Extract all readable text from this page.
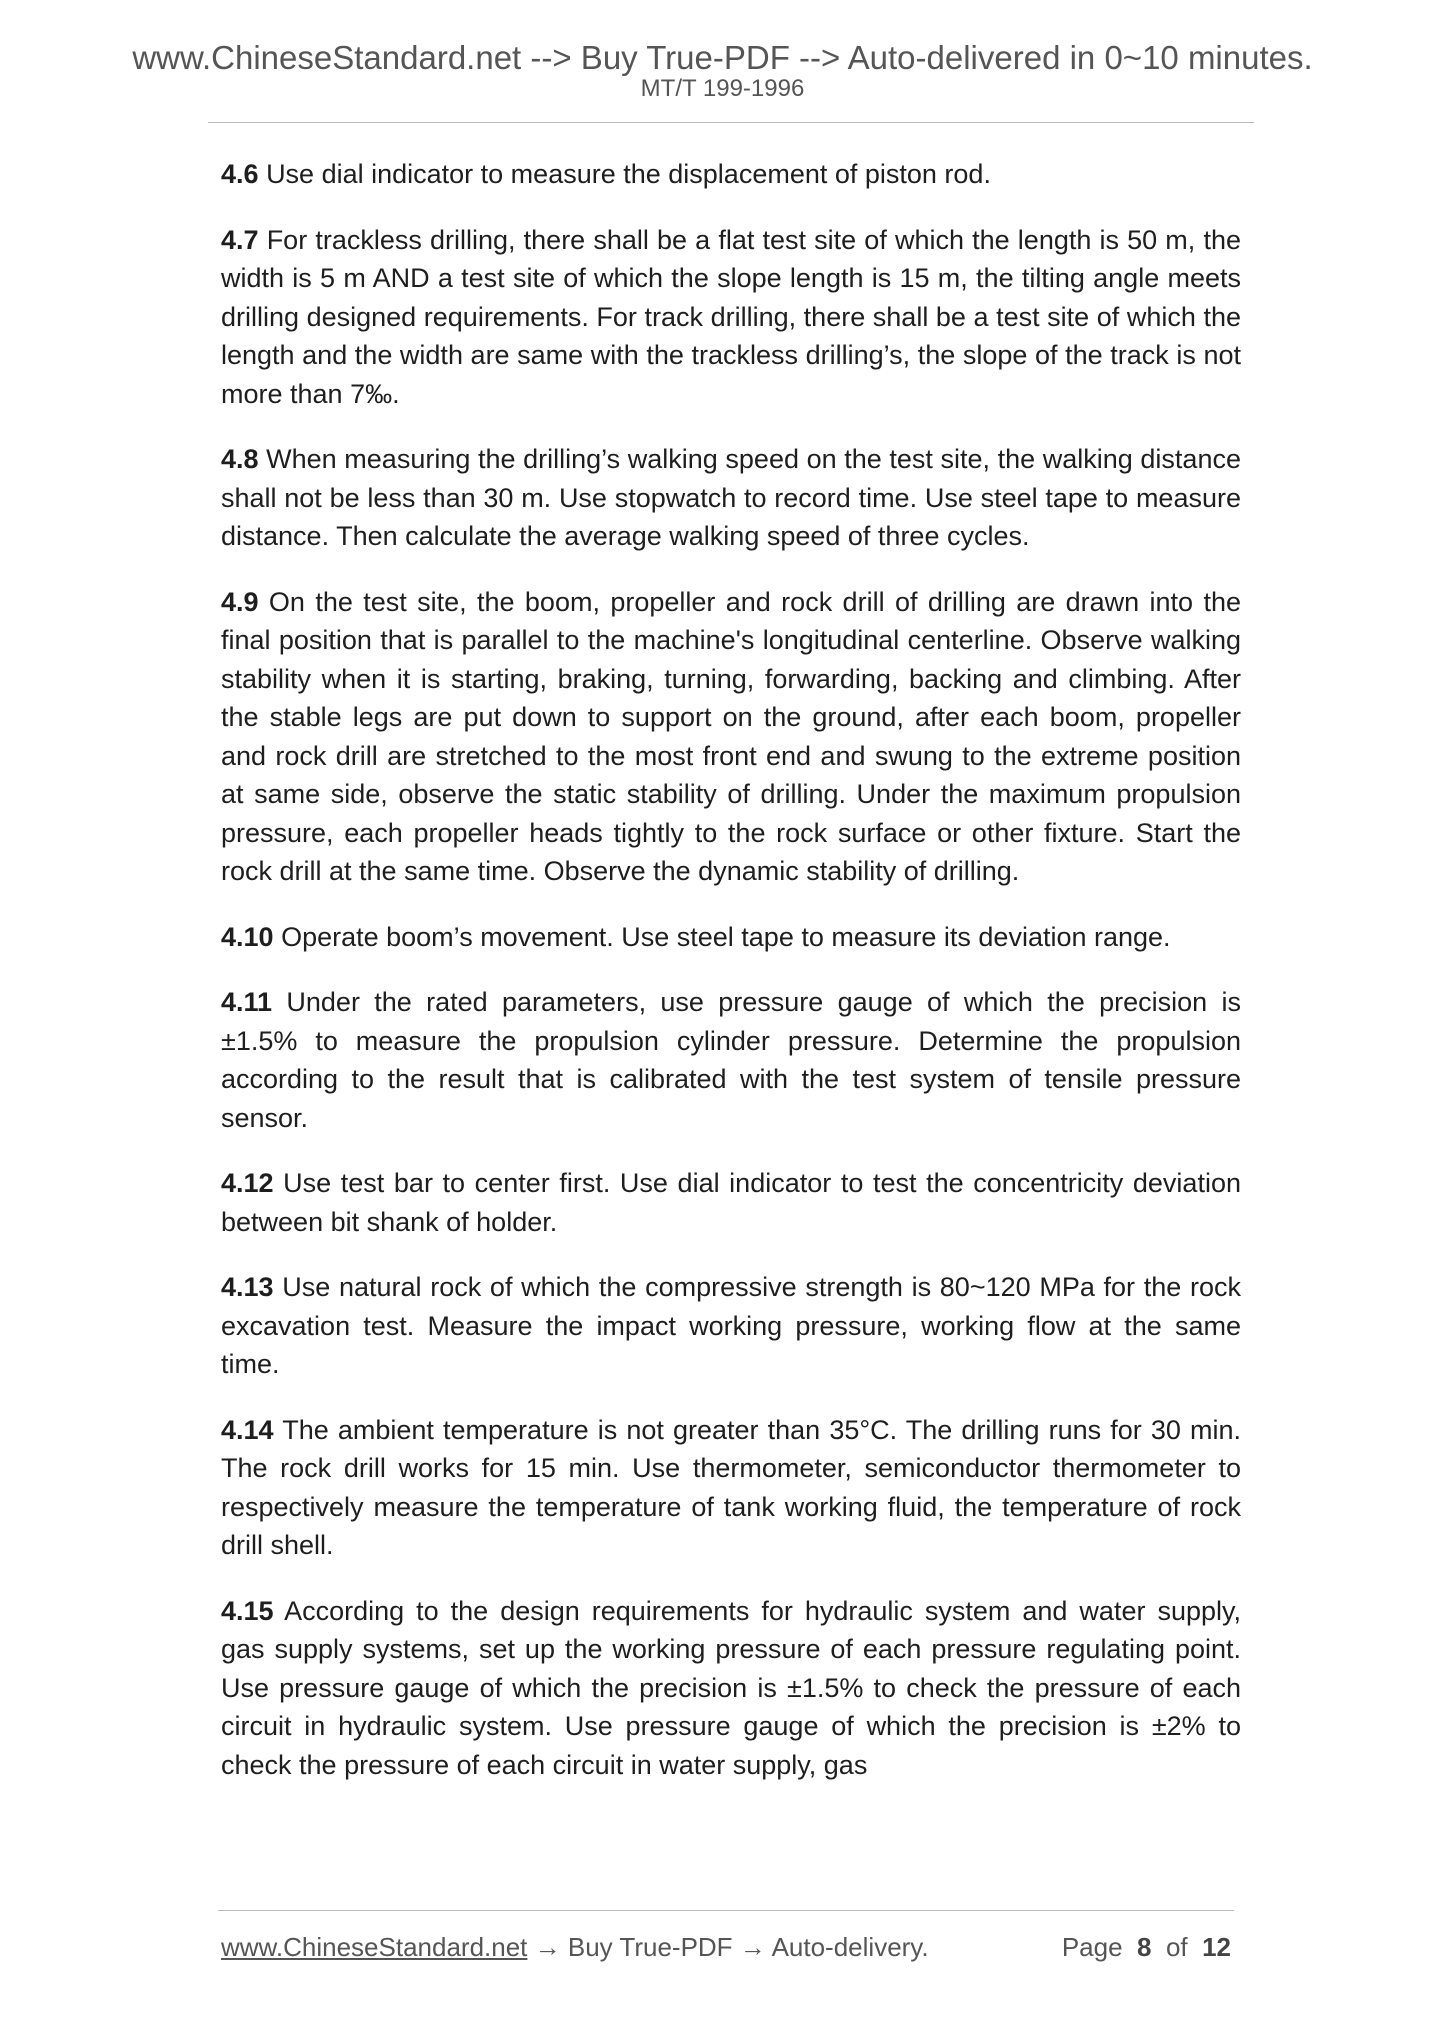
www.ChineseStandard.net --> Buy True-PDF --> Auto-delivered in 0~10 minutes.
MT/T 199-1996

4.6 Use dial indicator to measure the displacement of piston rod.

4.7 For trackless drilling, there shall be a flat test site of which the length is 50 m, the width is 5 m AND a test site of which the slope length is 15 m, the tilting angle meets drilling designed requirements. For track drilling, there shall be a test site of which the length and the width are same with the trackless drilling’s, the slope of the track is not more than 7‰.

4.8 When measuring the drilling’s walking speed on the test site, the walking distance shall not be less than 30 m. Use stopwatch to record time. Use steel tape to measure distance. Then calculate the average walking speed of three cycles.

4.9 On the test site, the boom, propeller and rock drill of drilling are drawn into the final position that is parallel to the machine's longitudinal centerline. Observe walking stability when it is starting, braking, turning, forwarding, backing and climbing. After the stable legs are put down to support on the ground, after each boom, propeller and rock drill are stretched to the most front end and swung to the extreme position at same side, observe the static stability of drilling. Under the maximum propulsion pressure, each propeller heads tightly to the rock surface or other fixture. Start the rock drill at the same time. Observe the dynamic stability of drilling.

4.10 Operate boom’s movement. Use steel tape to measure its deviation range.

4.11 Under the rated parameters, use pressure gauge of which the precision is ±1.5% to measure the propulsion cylinder pressure. Determine the propulsion according to the result that is calibrated with the test system of tensile pressure sensor.

4.12 Use test bar to center first. Use dial indicator to test the concentricity deviation between bit shank of holder.

4.13 Use natural rock of which the compressive strength is 80~120 MPa for the rock excavation test. Measure the impact working pressure, working flow at the same time.

4.14 The ambient temperature is not greater than 35°C. The drilling runs for 30 min. The rock drill works for 15 min. Use thermometer, semiconductor thermometer to respectively measure the temperature of tank working fluid, the temperature of rock drill shell.

4.15 According to the design requirements for hydraulic system and water supply, gas supply systems, set up the working pressure of each pressure regulating point. Use pressure gauge of which the precision is ±1.5% to check the pressure of each circuit in hydraulic system. Use pressure gauge of which the precision is ±2% to check the pressure of each circuit in water supply, gas

www.ChineseStandard.net → Buy True-PDF → Auto-delivery.	Page 8 of 12
